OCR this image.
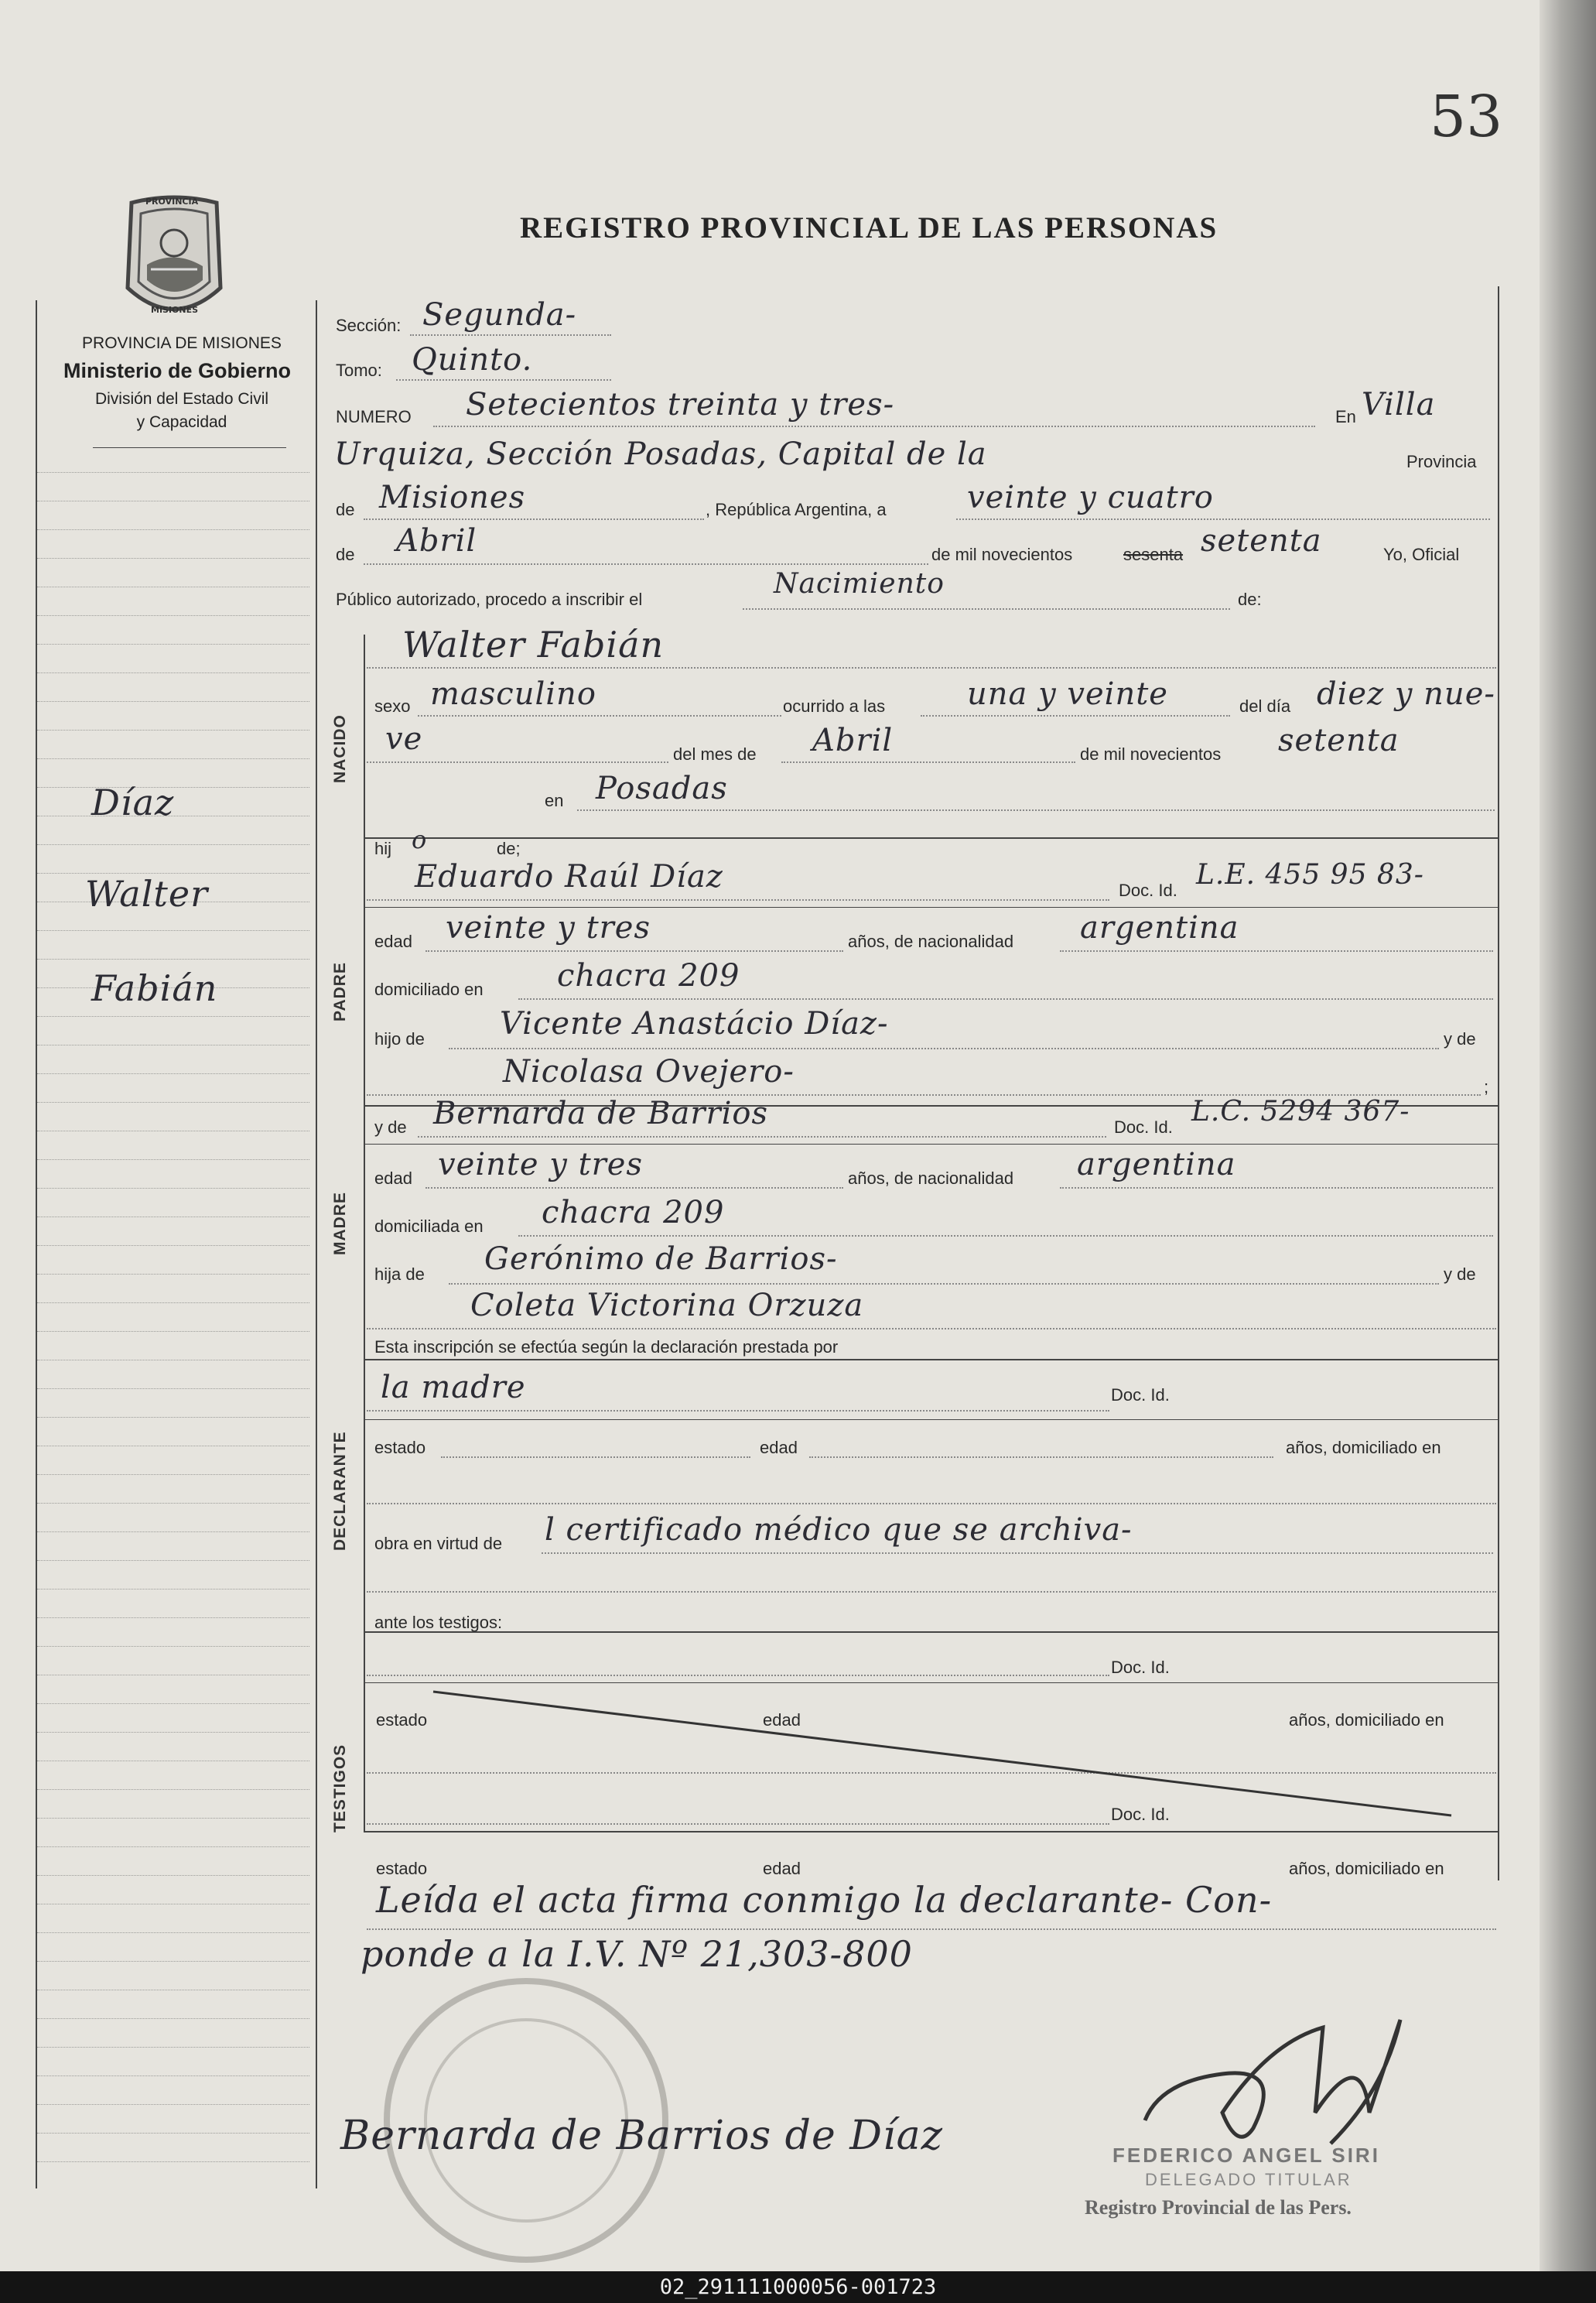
53
PROVINCIA
MISIONES
REGISTRO PROVINCIAL DE LAS PERSONAS
PROVINCIA DE MISIONES
Ministerio de Gobierno
División del Estado Civil
y Capacidad
Díaz
Walter
Fabián
Sección: Segunda-
Tomo: Quinto.
NUMERO Setecientos treinta y tres-	En Villa
Urquiza, Sección Posadas, Capital de la	Provincia
de Misiones	, República Argentina, a	veinte y cuatro
de Abril	de mil novecientos	sesenta setenta	Yo, Oficial
Público autorizado, procedo a inscribir el	Nacimiento	de:
Walter Fabián
NACIDO
sexo masculino	ocurrido a las	una y veinte	del día diez y nue-
ve	del mes de Abril	de mil novecientos setenta
en Posadas
hij o	de;
PADRE
Eduardo Raúl Díaz	Doc. Id. L.E. 455 95 83-
edad veinte y tres	años, de nacionalidad argentina
domiciliado en chacra 209
hijo de Vicente Anastácio Díaz-	y de
Nicolasa Ovejero-	;
y de Bernarda de Barrios	Doc. Id. L.C. 5294 367-
MADRE
edad veinte y tres	años, de nacionalidad argentina
domiciliada en chacra 209
hija de Gerónimo de Barrios-	y de
Coleta Victorina Orzuza
Esta inscripción se efectúa según la declaración prestada por
la madre	Doc. Id.
DECLARANTE estado	edad	años, domiciliado en
obra en virtud de l certificado médico que se archiva-
ante los testigos:
Doc. Id.
estado	edad	años, domiciliado en
TESTIGOS	Doc. Id.
estado	edad	años, domiciliado en
Leída el acta firma conmigo la declarante- Con-
ponde a la I.V. Nº 21,303-800
FEDERICO ANGEL SIRI
DELEGADO TITULAR
Registro Provincial de las Pers.
Bernarda de Barrios de Díaz
02_291111000056-001723
